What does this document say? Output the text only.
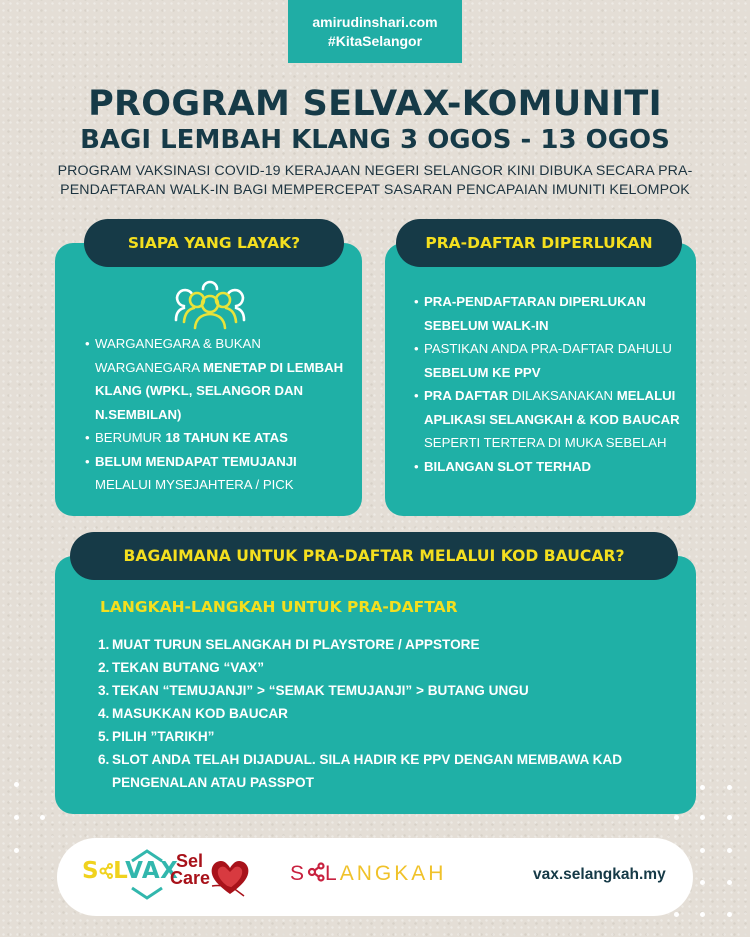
amirudinshari.com
#KitaSelangor
PROGRAM SELVAX-KOMUNITI
BAGI LEMBAH KLANG 3 OGOS - 13 OGOS
PROGRAM VAKSINASI COVID-19 KERAJAAN NEGERI SELANGOR KINI DIBUKA SECARA PRA-
PENDAFTARAN WALK-IN BAGI MEMPERCEPAT SASARAN PENCAPAIAN IMUNITI KELOMPOK
SIAPA YANG LAYAK?
• WARGANEGARA & BUKAN WARGANEGARA MENETAP DI LEMBAH KLANG (WPKL, SELANGOR DAN N.SEMBILAN)
• BERUMUR 18 TAHUN KE ATAS
• BELUM MENDAPAT TEMUJANJI MELALUI MYSEJAHTERA / PICK
PRA-DAFTAR DIPERLUKAN
• PRA-PENDAFTARAN DIPERLUKAN SEBELUM WALK-IN
• PASTIKAN ANDA PRA-DAFTAR DAHULU SEBELUM KE PPV
• PRA DAFTAR DILAKSANAKAN MELALUI APLIKASI SELANGKAH & KOD BAUCAR SEPERTI TERTERA DI MUKA SEBELAH
• BILANGAN SLOT TERHAD
BAGAIMANA UNTUK PRA-DAFTAR MELALUI KOD BAUCAR?
LANGKAH-LANGKAH UNTUK PRA-DAFTAR
1. MUAT TURUN SELANGKAH DI PLAYSTORE / APPSTORE
2. TEKAN BUTANG “VAX”
3. TEKAN “TEMUJANJI” > “SEMAK TEMUJANJI” > BUTANG UNGU
4. MASUKKAN KOD BAUCAR
5. PILIH ”TARIKH”
6. SLOT ANDA TELAH DIJADUAL. SILA HADIR KE PPV DENGAN MEMBAWA KAD PENGENALAN ATAU PASSPOT
S LVAX
Sel
Care	S LANGKAH	vax.selangkah.my
